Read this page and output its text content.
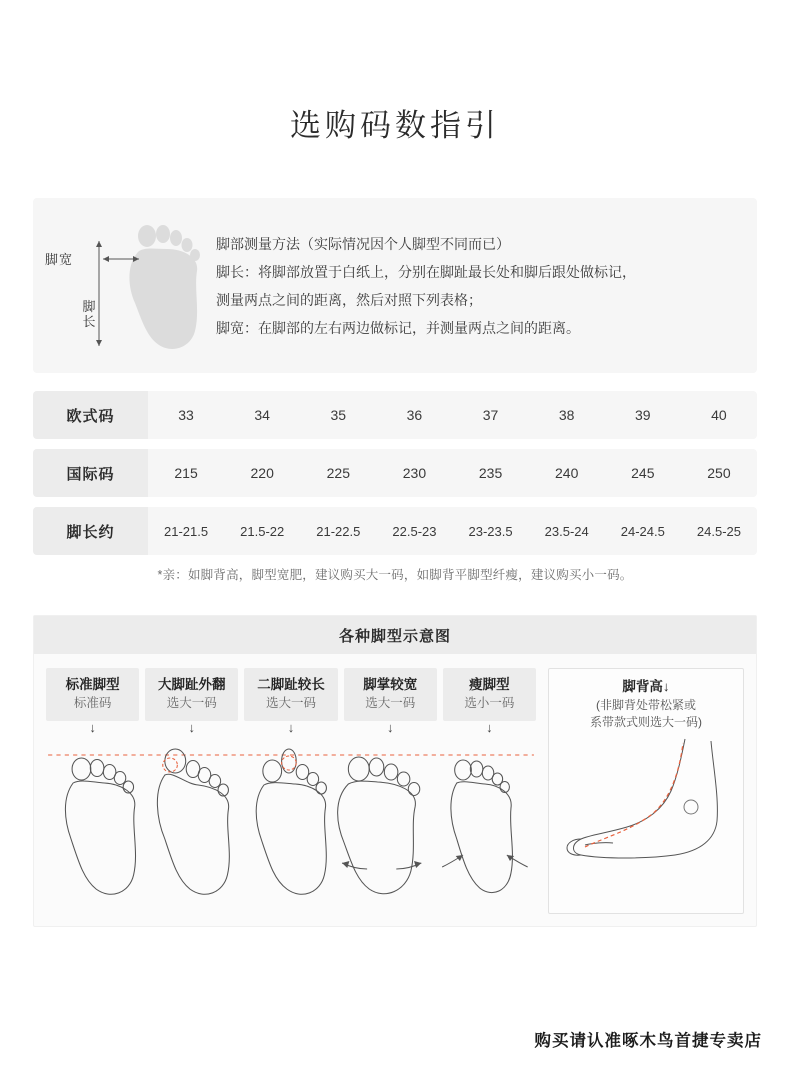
选购码数指引
脚宽
脚长
脚部测量方法（实际情况因个人脚型不同而已）
脚长：将脚部放置于白纸上，分别在脚趾最长处和脚后跟处做标记，
测量两点之间的距离，然后对照下列表格；
脚宽：在脚部的左右两边做标记，并测量两点之间的距离。
欧式码	33	34	35	36	37	38	39	40
国际码	215	220	225	230	235	240	245	250
脚长约	21-21.5	21.5-22	21-22.5	22.5-23	23-23.5	23.5-24	24-24.5	24.5-25
*亲：如脚背高，脚型宽肥，建议购买大一码，如脚背平脚型纤瘦，建议购买小一码。
各种脚型示意图
标准脚型
标准码
大脚趾外翻
选大一码
二脚趾较长
选大一码
脚掌较宽
选大一码
瘦脚型
选小一码
↓	↓	↓	↓	↓
脚背高↓
(非脚背处带松紧或
系带款式则选大一码)
购买请认准啄木鸟首捷专卖店
